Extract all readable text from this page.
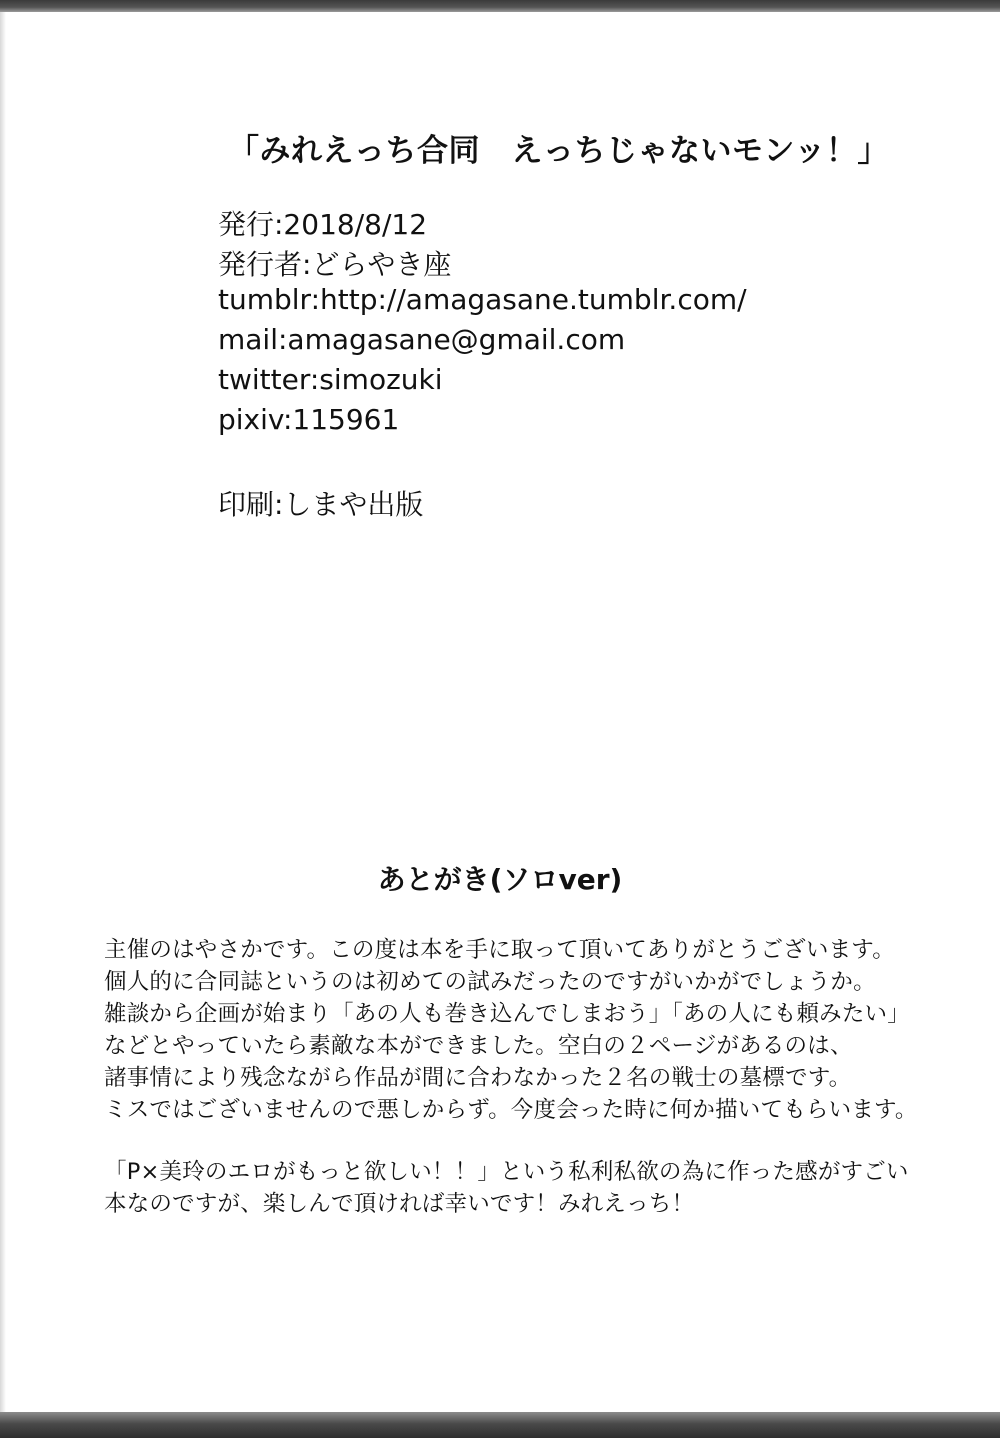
「みれえっち合同　えっちじゃないモンッ！」
発行:2018/8/12
発行者:どらやき座
tumblr:http://amagasane.tumblr.com/
mail:amagasane@gmail.com
twitter:simozuki
pixiv:115961
印刷:しまや出版
あとがき(ソロver)
主催のはやさかです。この度は本を手に取って頂いてありがとうございます。
個人的に合同誌というのは初めての試みだったのですがいかがでしょうか。
雑談から企画が始まり「あの人も巻き込んでしまおう」「あの人にも頼みたい」
などとやっていたら素敵な本ができました。空白の２ページがあるのは、
諸事情により残念ながら作品が間に合わなかった２名の戦士の墓標です。
ミスではございませんので悪しからず。今度会った時に何か描いてもらいます。
「P×美玲のエロがもっと欲しい！！」という私利私欲の為に作った感がすごい
本なのですが、楽しんで頂ければ幸いです！みれえっち！
